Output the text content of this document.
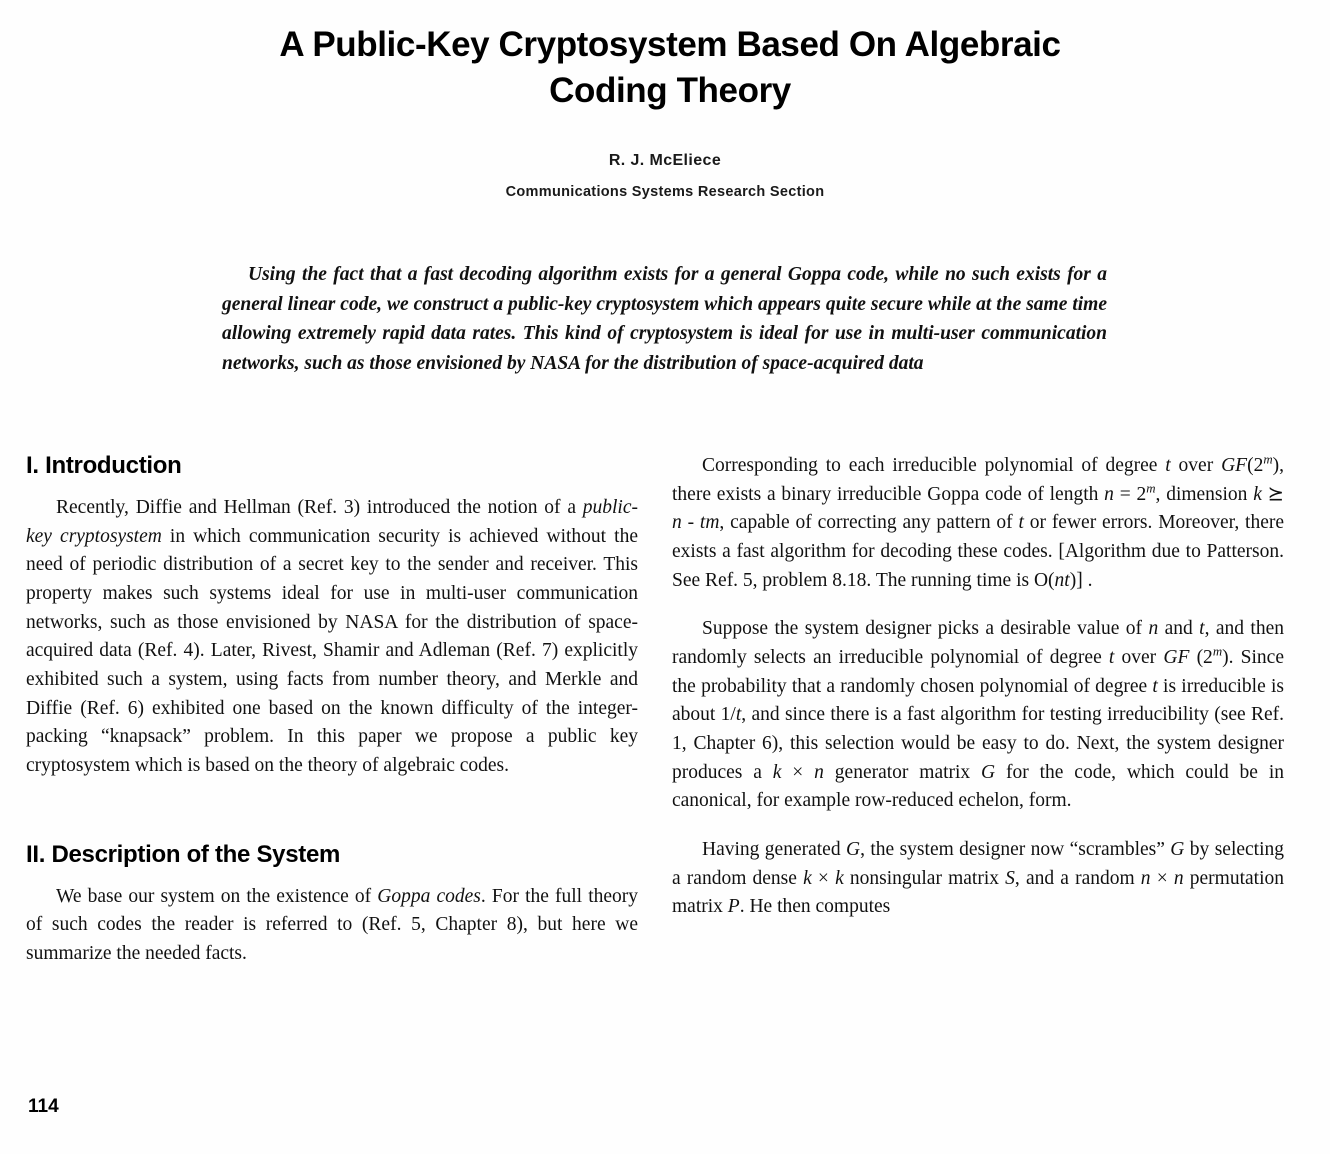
A Public-Key Cryptosystem Based On Algebraic
Coding Theory
R. J. McEliece
Communications Systems Research Section
Using the fact that a fast decoding algorithm exists for a general Goppa code, while no such exists for a general linear code, we construct a public-key cryptosystem which appears quite secure while at the same time allowing extremely rapid data rates. This kind of cryptosystem is ideal for use in multi-user communication networks, such as those envisioned by NASA for the distribution of space-acquired data
I. Introduction

Recently, Diffie and Hellman (Ref. 3) introduced the notion of a public-key cryptosystem in which communication security is achieved without the need of periodic distribution of a secret key to the sender and receiver. This property makes such systems ideal for use in multi-user communication networks, such as those envisioned by NASA for the distribution of space-acquired data (Ref. 4). Later, Rivest, Shamir and Adleman (Ref. 7) explicitly exhibited such a system, using facts from number theory, and Merkle and Diffie (Ref. 6) exhibited one based on the known difficulty of the integer-packing “knapsack” problem. In this paper we propose a public key cryptosystem which is based on the theory of algebraic codes.

II. Description of the System

We base our system on the existence of Goppa codes. For the full theory of such codes the reader is referred to (Ref. 5, Chapter 8), but here we summarize the needed facts.

Corresponding to each irreducible polynomial of degree t over GF(2$^m$), there exists a binary irreducible Goppa code of length $n = 2^m$, dimension k ⪰ n - tm, capable of correcting any pattern of t or fewer errors. Moreover, there exists a fast algorithm for decoding these codes. [Algorithm due to Patterson. See Ref. 5, problem 8.18. The running time is O(nt)] .

Suppose the system designer picks a desirable value of n and t, and then randomly selects an irreducible polynomial of degree t over GF (2$^m$). Since the probability that a randomly chosen polynomial of degree t is irreducible is about 1/t, and since there is a fast algorithm for testing irreducibility (see Ref. 1, Chapter 6), this selection would be easy to do. Next, the system designer produces a k × n generator matrix G for the code, which could be in canonical, for example row-reduced echelon, form.

Having generated G, the system designer now “scrambles” G by selecting a random dense k × k nonsingular matrix S, and a random n × n permutation matrix P. He then computes

114
